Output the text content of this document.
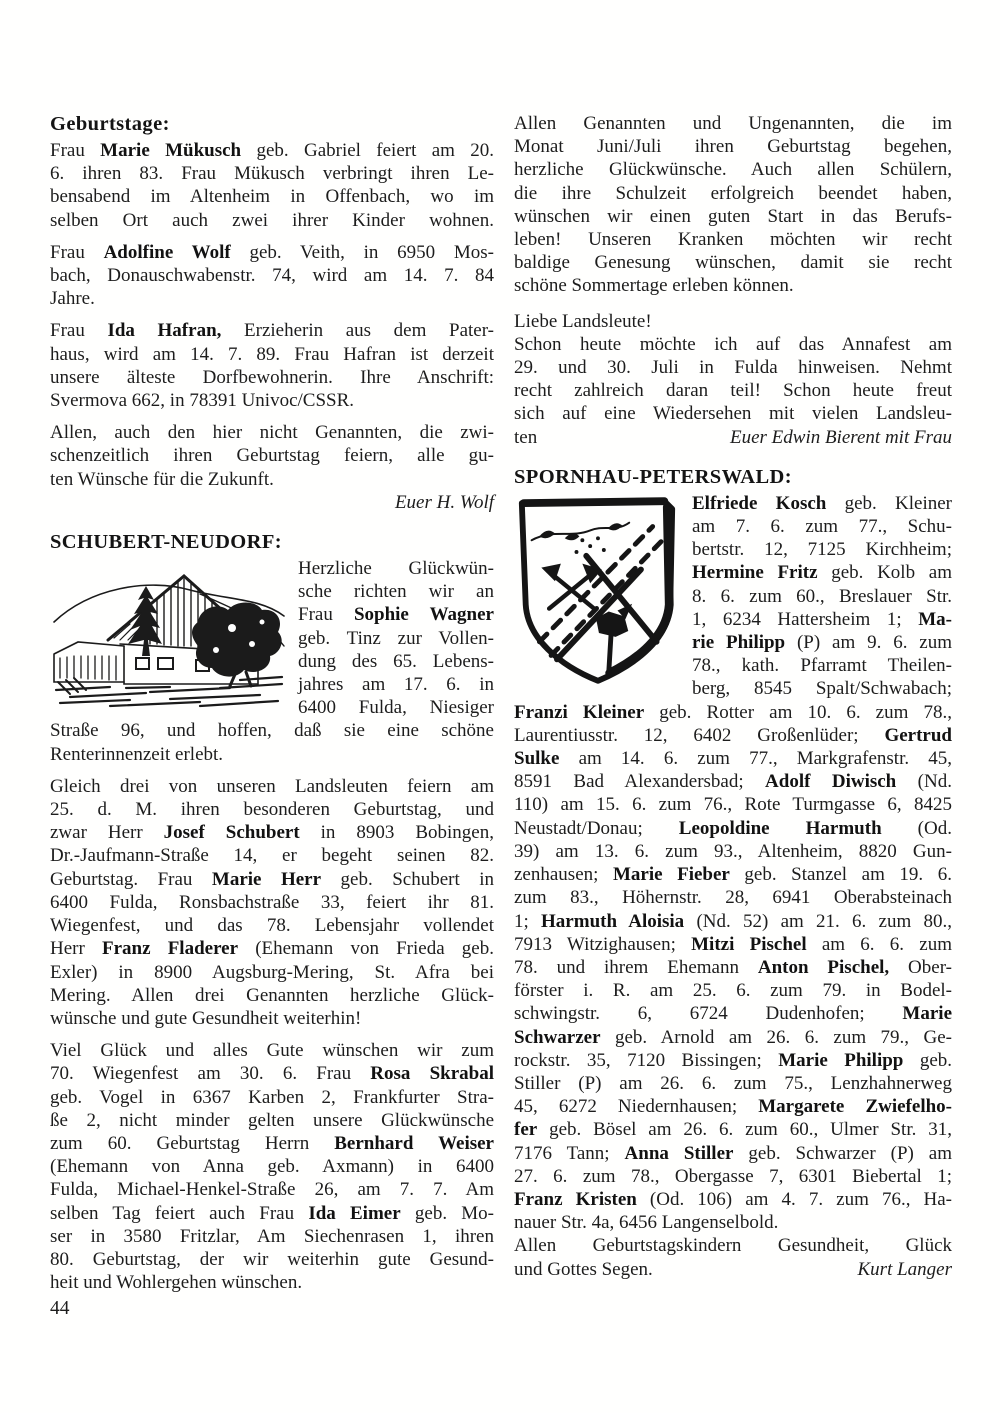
Geburtstage:
Frau Marie Mükusch geb. Gabriel feiert am 20.
6. ihren 83. Frau Mükusch verbringt ihren Le-
bensabend im Altenheim in Offenbach, wo im
selben Ort auch zwei ihrer Kinder wohnen.
Frau Adolfine Wolf geb. Veith, in 6950 Mos-
bach, Donauschwabenstr. 74, wird am 14. 7. 84
Jahre.
Frau Ida Hafran, Erzieherin aus dem Pater-
haus, wird am 14. 7. 89. Frau Hafran ist derzeit
unsere älteste Dorfbewohnerin. Ihre Anschrift:
Svermova 662, in 78391 Univoc/CSSR.
Allen, auch den hier nicht Genannten, die zwi-
schenzeitlich ihren Geburtstag feiern, alle gu-
ten Wünsche für die Zukunft.
Euer H. Wolf
SCHUBERT-NEUDORF:
Herzliche Glückwün-
sche richten wir an
Frau Sophie Wagner
geb. Tinz zur Vollen-
dung des 65. Lebens-
jahres am 17. 6. in
6400 Fulda, Niesiger
Straße 96, und hoffen, daß sie eine schöne
Renterinnenzeit erlebt.
Gleich drei von unseren Landsleuten feiern am
25. d. M. ihren besonderen Geburtstag, und
zwar Herr Josef Schubert in 8903 Bobingen,
Dr.-Jaufmann-Straße 14, er begeht seinen 82.
Geburtstag. Frau Marie Herr geb. Schubert in
6400 Fulda, Ronsbachstraße 33, feiert ihr 81.
Wiegenfest, und das 78. Lebensjahr vollendet
Herr Franz Fladerer (Ehemann von Frieda geb.
Exler) in 8900 Augsburg-Mering, St. Afra bei
Mering. Allen drei Genannten herzliche Glück-
wünsche und gute Gesundheit weiterhin!
Viel Glück und alles Gute wünschen wir zum
70. Wiegenfest am 30. 6. Frau Rosa Skrabal
geb. Vogel in 6367 Karben 2, Frankfurter Stra-
ße 2, nicht minder gelten unsere Glückwünsche
zum 60. Geburtstag Herrn Bernhard Weiser
(Ehemann von Anna geb. Axmann) in 6400
Fulda, Michael-Henkel-Straße 26, am 7. 7. Am
selben Tag feiert auch Frau Ida Eimer geb. Mo-
ser in 3580 Fritzlar, Am Siechenrasen 1, ihren
80. Geburtstag, der wir weiterhin gute Gesund-
heit und Wohlergehen wünschen.
Allen Genannten und Ungenannten, die im
Monat Juni/Juli ihren Geburtstag begehen,
herzliche Glückwünsche. Auch allen Schülern,
die ihre Schulzeit erfolgreich beendet haben,
wünschen wir einen guten Start in das Berufs-
leben! Unseren Kranken möchten wir recht
baldige Genesung wünschen, damit sie recht
schöne Sommertage erleben können.
Liebe Landsleute!
Schon heute möchte ich auf das Annafest am
29. und 30. Juli in Fulda hinweisen. Nehmt
recht zahlreich daran teil! Schon heute freut
sich auf eine Wiedersehen mit vielen Landsleu-
ten	Euer Edwin Bierent mit Frau
SPORNHAU-PETERSWALD:
Elfriede Kosch geb. Kleiner
am 7. 6. zum 77., Schu-
bertstr. 12, 7125 Kirchheim;
Hermine Fritz geb. Kolb am
8. 6. zum 60., Breslauer Str.
1, 6234 Hattersheim 1; Ma-
rie Philipp (P) am 9. 6. zum
78., kath. Pfarramt Theilen-
berg, 8545 Spalt/Schwabach;
Franzi Kleiner geb. Rotter am 10. 6. zum 78.,
Laurentiusstr. 12, 6402 Großenlüder; Gertrud
Sulke am 14. 6. zum 77., Markgrafenstr. 45,
8591 Bad Alexandersbad; Adolf Diwisch (Nd.
110) am 15. 6. zum 76., Rote Turmgasse 6, 8425
Neustadt/Donau; Leopoldine Harmuth (Od.
39) am 13. 6. zum 93., Altenheim, 8820 Gun-
zenhausen; Marie Fieber geb. Stanzel am 19. 6.
zum 83., Höhernstr. 28, 6941 Oberabsteinach
1; Harmuth Aloisia (Nd. 52) am 21. 6. zum 80.,
7913 Witzighausen; Mitzi Pischel am 6. 6. zum
78. und ihrem Ehemann Anton Pischel, Ober-
förster i. R. am 25. 6. zum 79. in Bodel-
schwingstr. 6, 6724 Dudenhofen; Marie
Schwarzer geb. Arnold am 26. 6. zum 79., Ge-
rockstr. 35, 7120 Bissingen; Marie Philipp geb.
Stiller (P) am 26. 6. zum 75., Lenzhahnerweg
45, 6272 Niedernhausen; Margarete Zwiefelho-
fer geb. Bösel am 26. 6. zum 60., Ulmer Str. 31,
7176 Tann; Anna Stiller geb. Schwarzer (P) am
27. 6. zum 78., Obergasse 7, 6301 Biebertal 1;
Franz Kristen (Od. 106) am 4. 7. zum 76., Ha-
nauer Str. 4a, 6456 Langenselbold.
Allen Geburtstagskindern Gesundheit, Glück
und Gottes Segen.	Kurt Langer
44
